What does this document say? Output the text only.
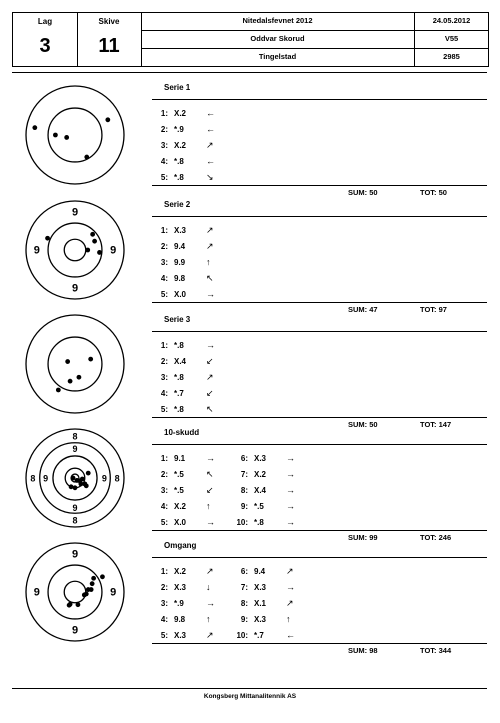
Lag
3
Skive
11
Nitedalsfevnet 2012	24.05.2012
Oddvar Skorud	V55
Tingelstad	2985
Serie 1
1: X.2 ←
2: *.9 ←
3: X.2 ↗
4: *.8 ←
5: *.8 ↘
SUM: 50	TOT: 50
Serie 2
1: X.3 ↗
2: 9.4 ↗
3: 9.9 ↑
4: 9.8 ↖
5: X.0 →
SUM: 47	TOT: 97
Serie 3
1: *.8 →
2: X.4 ↙
3: *.8 ↗
4: *.7 ↙
5: *.8 ↖
SUM: 50	TOT: 147
10-skudd
1: 9.1 →
2: *.5 ↖
3: *.5 ↙
4: X.2 ↑
5: X.0 →
6: X.3 →
7: X.2 →
8: X.4 →
9: *.5 →
10: *.8 →
SUM: 99	TOT: 246
Omgang
1: X.2 ↗
2: X.3 ↓
3: *.9 →
4: 9.8 ↑
5: X.3 ↗
6: 9.4 ↗
7: X.3 →
8: X.1 ↗
9: X.3 ↑
10: *.7 ←
SUM: 98	TOT: 344
9
9	9
9
8
8	8
8
9
9	9
9
9
9	9
9
Kongsberg Mittanalitennik AS
